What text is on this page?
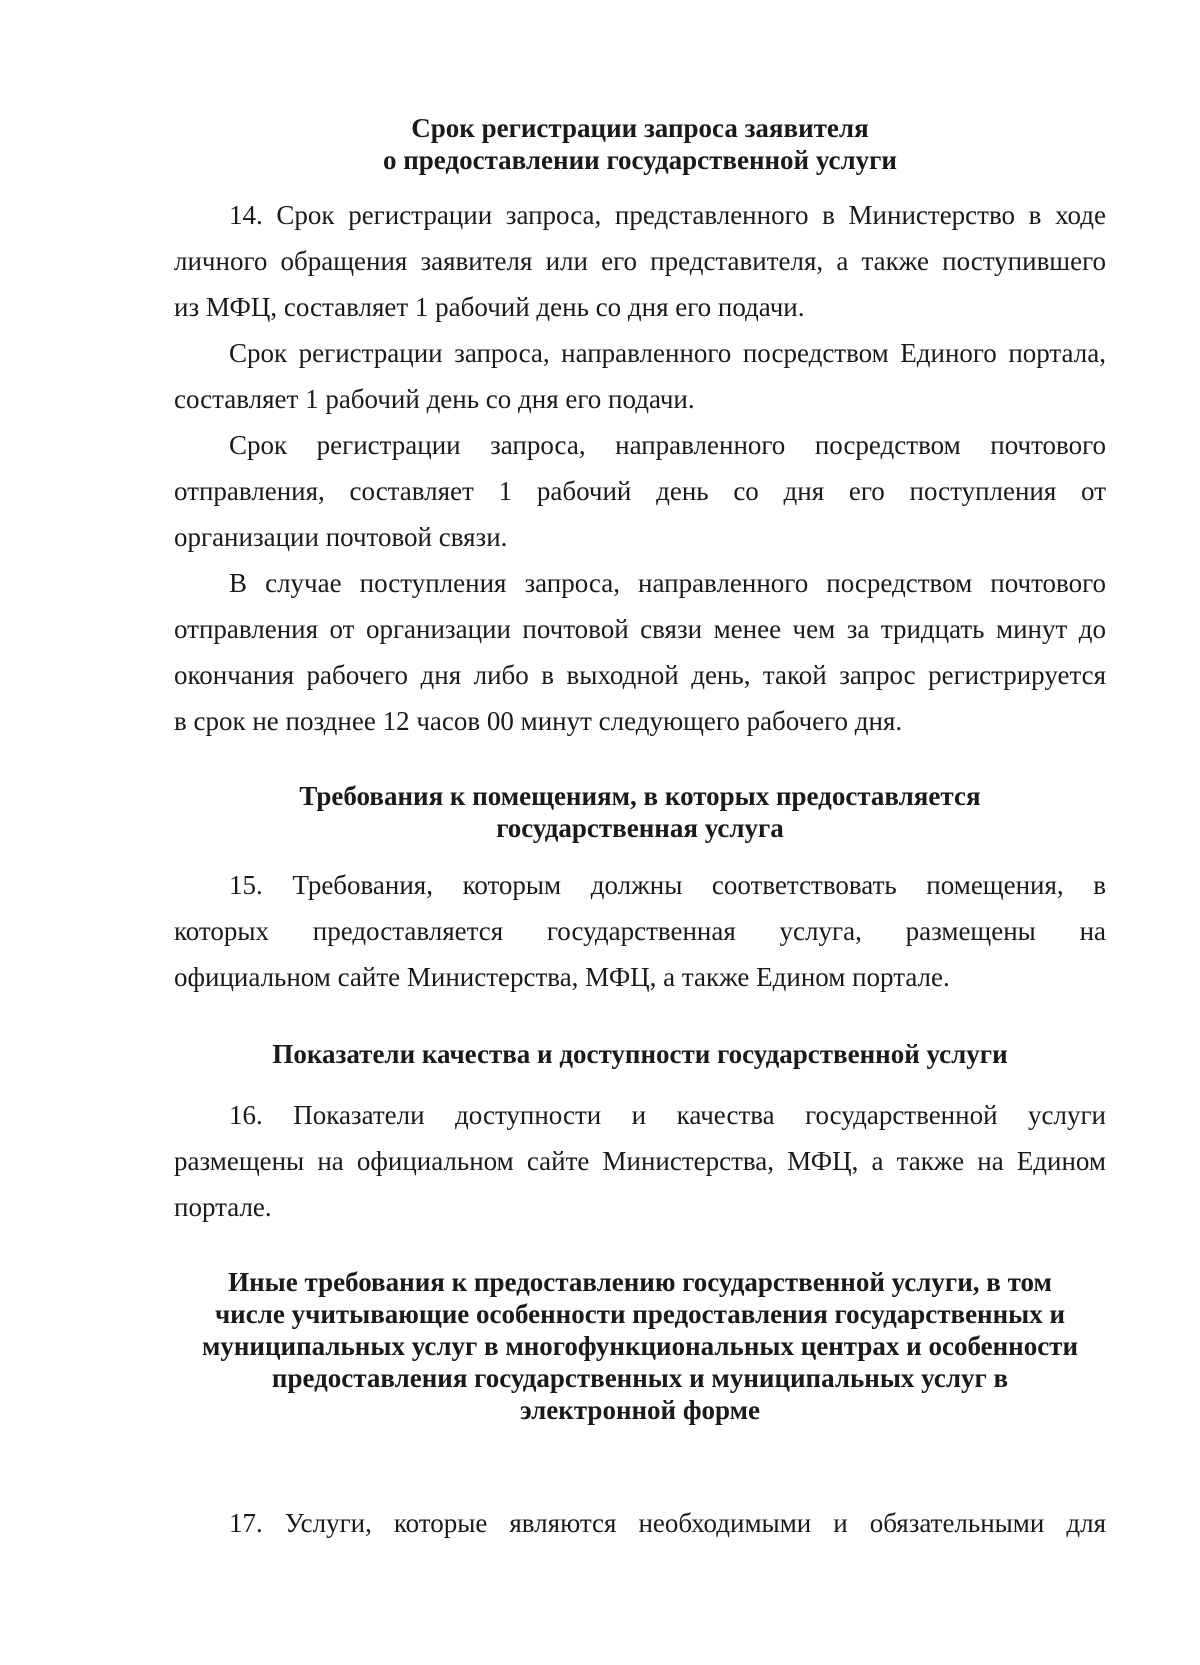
Срок регистрации запроса заявителя
о предоставлении государственной услуги
14. Срок регистрации запроса, представленного в Министерство в ходе
личного обращения заявителя или его представителя, а также поступившего
из МФЦ, составляет 1 рабочий день со дня его подачи.
Срок регистрации запроса, направленного посредством Единого портала,
составляет 1 рабочий день со дня его подачи.
Срок регистрации запроса, направленного посредством почтового
отправления, составляет 1 рабочий день со дня его поступления от
организации почтовой связи.
В случае поступления запроса, направленного посредством почтового
отправления от организации почтовой связи менее чем за тридцать минут до
окончания рабочего дня либо в выходной день, такой запрос регистрируется
в срок не позднее 12 часов 00 минут следующего рабочего дня.
Требования к помещениям, в которых предоставляется
государственная услуга
15. Требования, которым должны соответствовать помещения, в
которых предоставляется государственная услуга, размещены на
официальном сайте Министерства, МФЦ, а также Едином портале.
Показатели качества и доступности государственной услуги
16. Показатели доступности и качества государственной услуги
размещены на официальном сайте Министерства, МФЦ, а также на Едином
портале.
Иные требования к предоставлению государственной услуги, в том
числе учитывающие особенности предоставления государственных и
муниципальных услуг в многофункциональных центрах и особенности
предоставления государственных и муниципальных услуг в
электронной форме
17. Услуги, которые являются необходимыми и обязательными для
